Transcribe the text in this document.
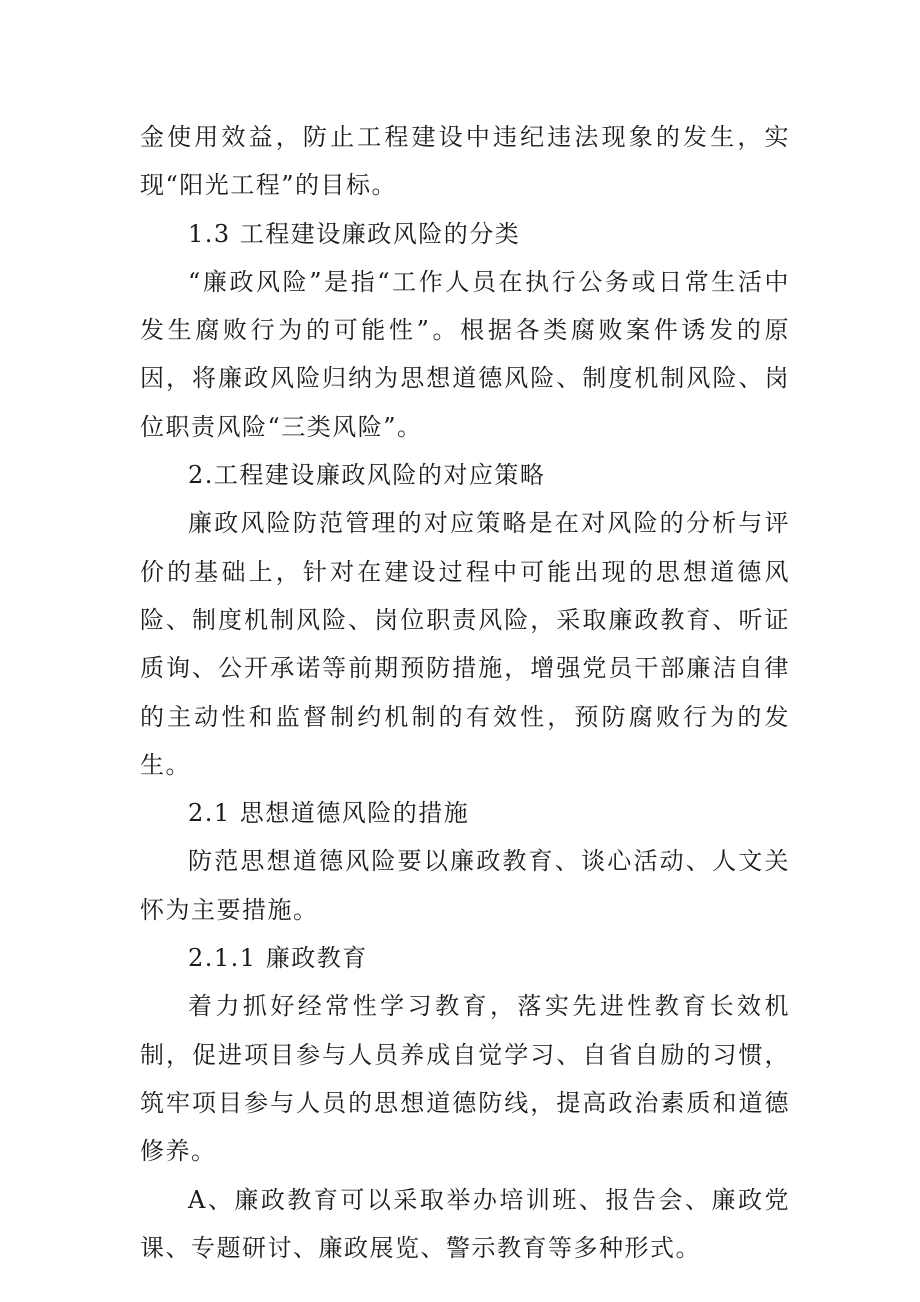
金使用效益，防止工程建设中违纪违法现象的发生，实现“阳光工程”的目标。

1.3 工程建设廉政风险的分类

“廉政风险”是指“工作人员在执行公务或日常生活中发生腐败行为的可能性”。根据各类腐败案件诱发的原因，将廉政风险归纳为思想道德风险、制度机制风险、岗位职责风险“三类风险”。

2.工程建设廉政风险的对应策略

廉政风险防范管理的对应策略是在对风险的分析与评价的基础上，针对在建设过程中可能出现的思想道德风险、制度机制风险、岗位职责风险，采取廉政教育、听证质询、公开承诺等前期预防措施，增强党员干部廉洁自律的主动性和监督制约机制的有效性，预防腐败行为的发生。

2.1 思想道德风险的措施

防范思想道德风险要以廉政教育、谈心活动、人文关怀为主要措施。

2.1.1 廉政教育

着力抓好经常性学习教育，落实先进性教育长效机制，促进项目参与人员养成自觉学习、自省自励的习惯，筑牢项目参与人员的思想道德防线，提高政治素质和道德修养。

A、廉政教育可以采取举办培训班、报告会、廉政党课、专题研讨、廉政展览、警示教育等多种形式。
